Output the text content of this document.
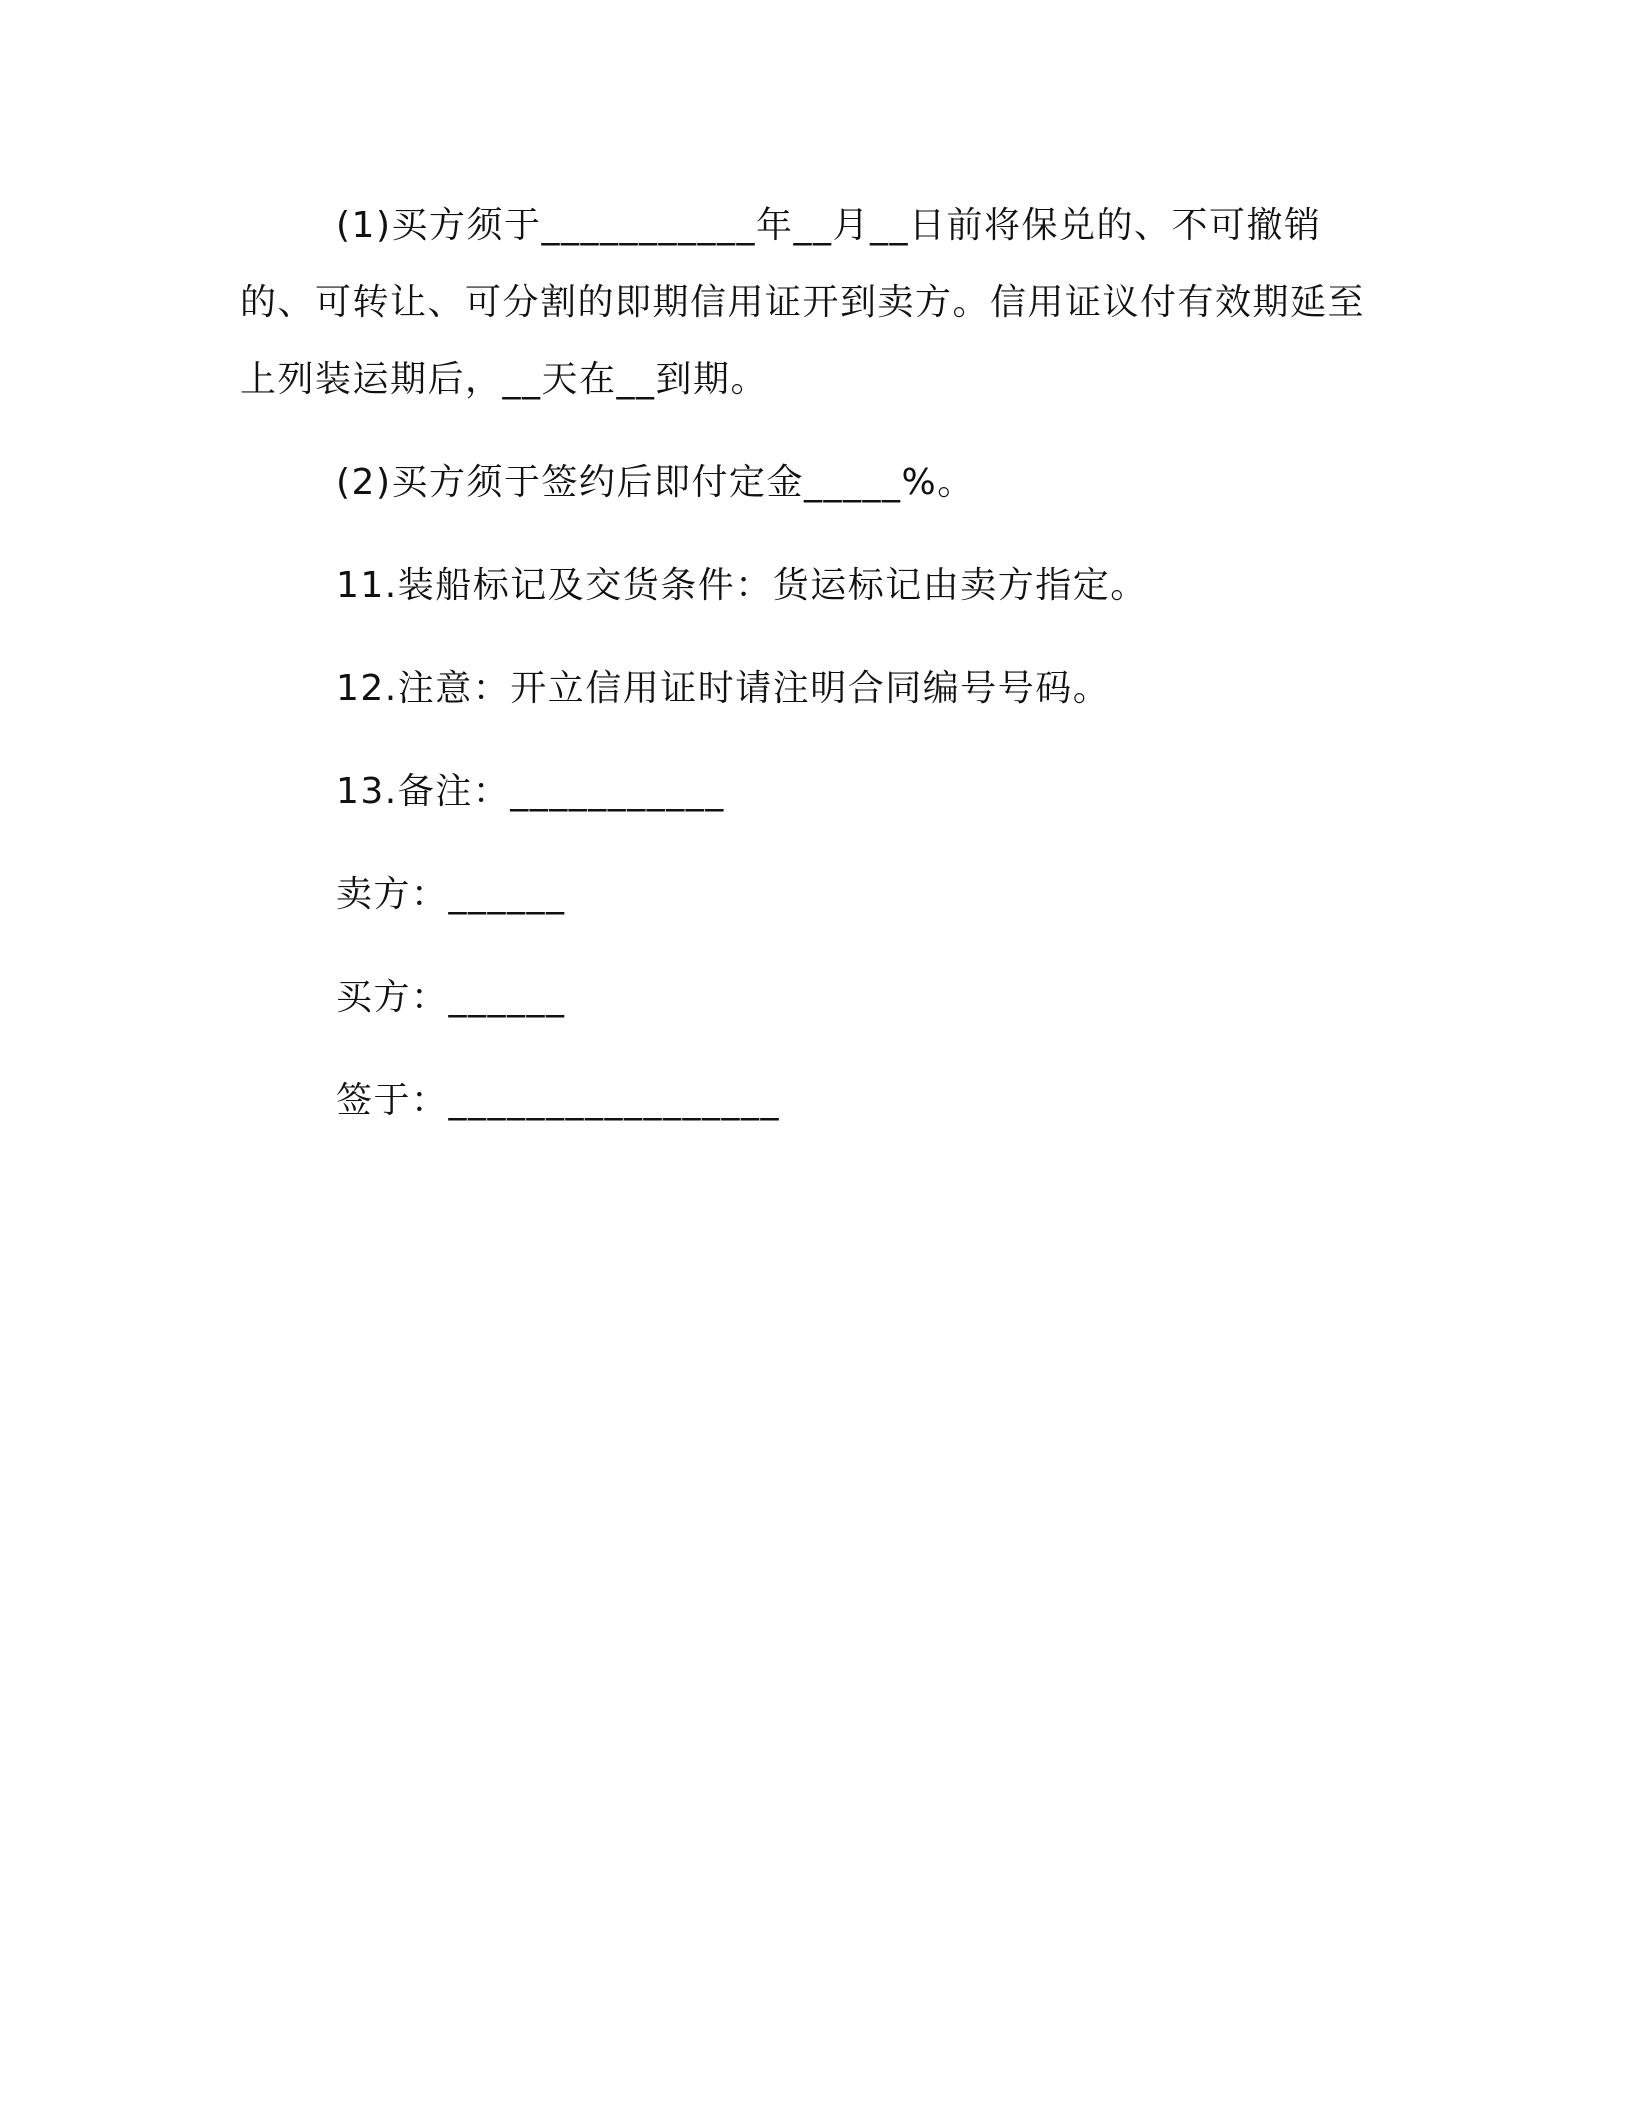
(1)买方须于___________年__月__日前将保兑的、不可撤销的、可转让、可分割的即期信用证开到卖方。信用证议付有效期延至上列装运期后，__天在__到期。

(2)买方须于签约后即付定金_____%。

11.装船标记及交货条件：货运标记由卖方指定。

12.注意：开立信用证时请注明合同编号号码。

13.备注：___________

卖方：______

买方：______

签于：_________________
